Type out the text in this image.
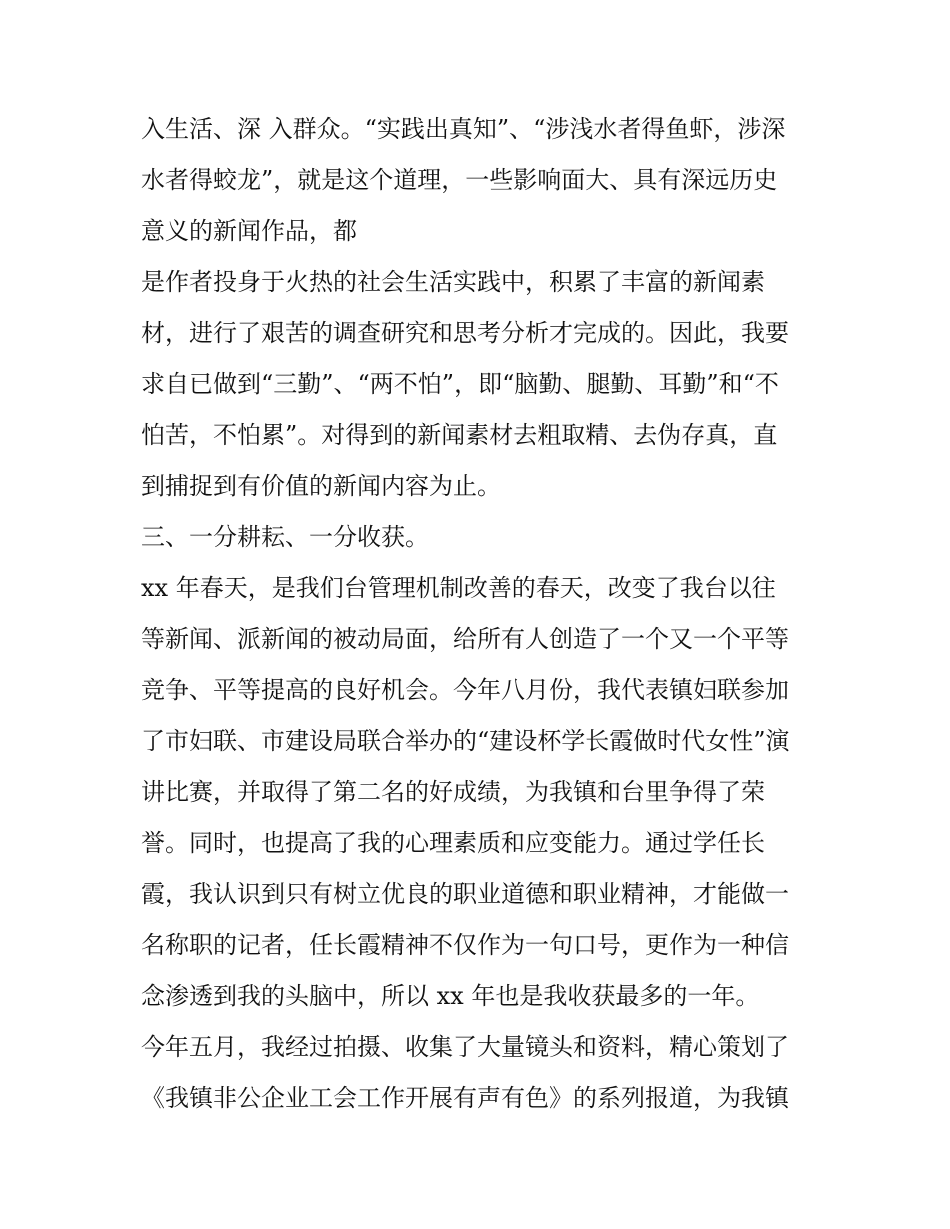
入生活、深 入群众。“实践出真知”、“涉浅水者得鱼虾，涉深
水者得蛟龙”，就是这个道理，一些影响面大、具有深远历史
意义的新闻作品，都
是作者投身于火热的社会生活实践中，积累了丰富的新闻素
材，进行了艰苦的调查研究和思考分析才完成的。因此，我要
求自已做到“三勤”、“两不怕”，即“脑勤、腿勤、耳勤”和“不
怕苦，不怕累”。对得到的新闻素材去粗取精、去伪存真，直
到捕捉到有价值的新闻内容为止。
三、一分耕耘、一分收获。
xx 年春天，是我们台管理机制改善的春天，改变了我台以往
等新闻、派新闻的被动局面，给所有人创造了一个又一个平等
竞争、平等提高的良好机会。今年八月份，我代表镇妇联参加
了市妇联、市建设局联合举办的“建设杯学长霞做时代女性”演
讲比赛，并取得了第二名的好成绩，为我镇和台里争得了荣
誉。同时，也提高了我的心理素质和应变能力。通过学任长
霞，我认识到只有树立优良的职业道德和职业精神，才能做一
名称职的记者，任长霞精神不仅作为一句口号，更作为一种信
念渗透到我的头脑中，所以 xx 年也是我收获最多的一年。
今年五月，我经过拍摄、收集了大量镜头和资料，精心策划了
《我镇非公企业工会工作开展有声有色》的系列报道，为我镇
